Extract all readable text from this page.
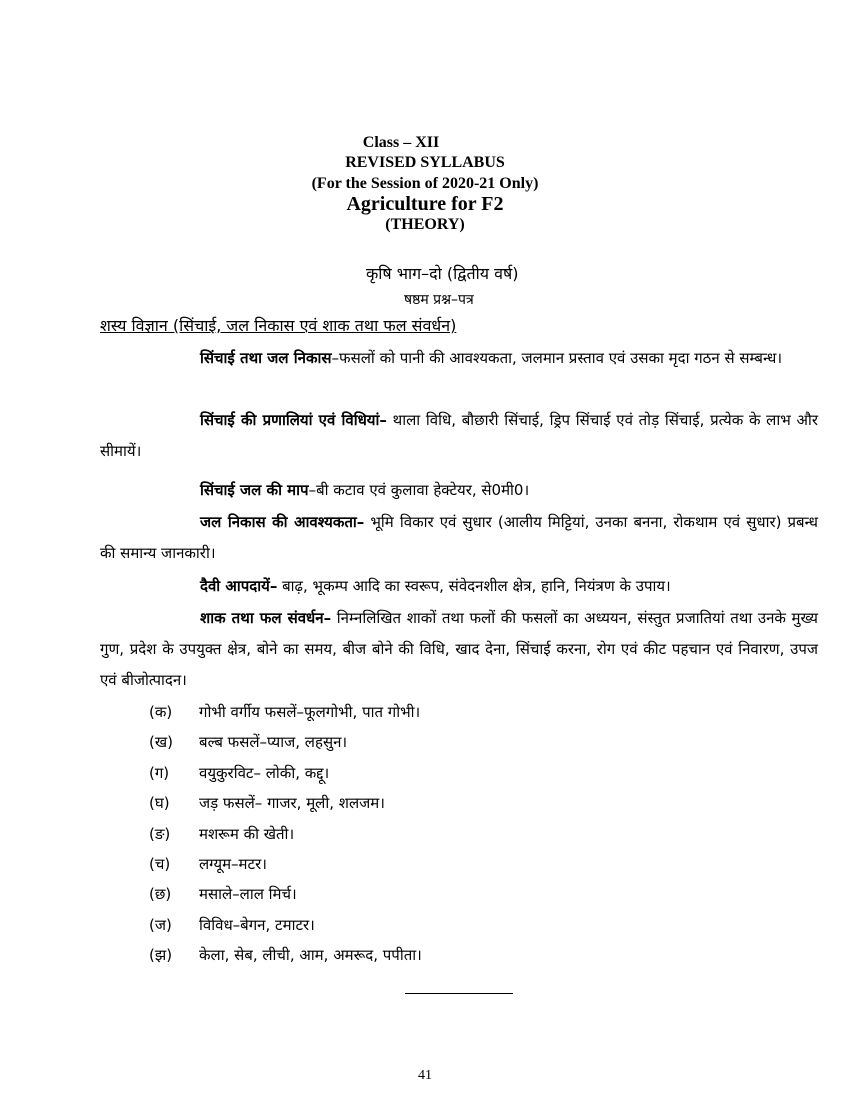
Class – XII
REVISED SYLLABUS
(For the Session of 2020-21 Only)
Agriculture for F2
(THEORY)
कृषि भाग–दो (द्वितीय वर्ष)
षष्ठम प्रश्न–पत्र
शस्य विज्ञान (सिंचाई, जल निकास एवं शाक तथा फल संवर्धन)
सिंचाई तथा जल निकास–फसलों को पानी की आवश्यकता, जलमान प्रस्ताव एवं उसका मृदा गठन से सम्बन्ध।
सिंचाई की प्रणालियां एवं विधियां– थाला विधि, बौछारी सिंचाई, ड्रिप सिंचाई एवं तोड़ सिंचाई, प्रत्येक के लाभ और सीमायें।
सिंचाई जल की माप–बी कटाव एवं कुलावा हेक्टेयर, से0मी0।
जल निकास की आवश्यकता– भूमि विकार एवं सुधार (आलीय मिट्टियां, उनका बनना, रोकथाम एवं सुधार) प्रबन्ध की समान्य जानकारी।
दैवी आपदायें– बाढ़, भूकम्प आदि का स्वरूप, संवेदनशील क्षेत्र, हानि, नियंत्रण के उपाय।
शाक तथा फल संवर्धन– निम्नलिखित शाकों तथा फलों की फसलों का अध्ययन, संस्तुत प्रजातियां तथा उनके मुख्य गुण, प्रदेश के उपयुक्त क्षेत्र, बोने का समय, बीज बोने की विधि, खाद देना, सिंचाई करना, रोग एवं कीट पहचान एवं निवारण, उपज एवं बीजोत्पादन।
(क) गोभी वर्गीय फसलें–फूलगोभी, पात गोभी।
(ख) बल्ब फसलें–प्याज, लहसुन।
(ग) वयुकुरविट– लोकी, कद्दू।
(घ) जड़ फसलें– गाजर, मूली, शलजम।
(ङ) मशरूम की खेती।
(च) लग्यूम–मटर।
(छ) मसाले–लाल मिर्च।
(ज) विविध–बेगन, टमाटर।
(झ) केला, सेब, लीची, आम, अमरूद, पपीता।
41
